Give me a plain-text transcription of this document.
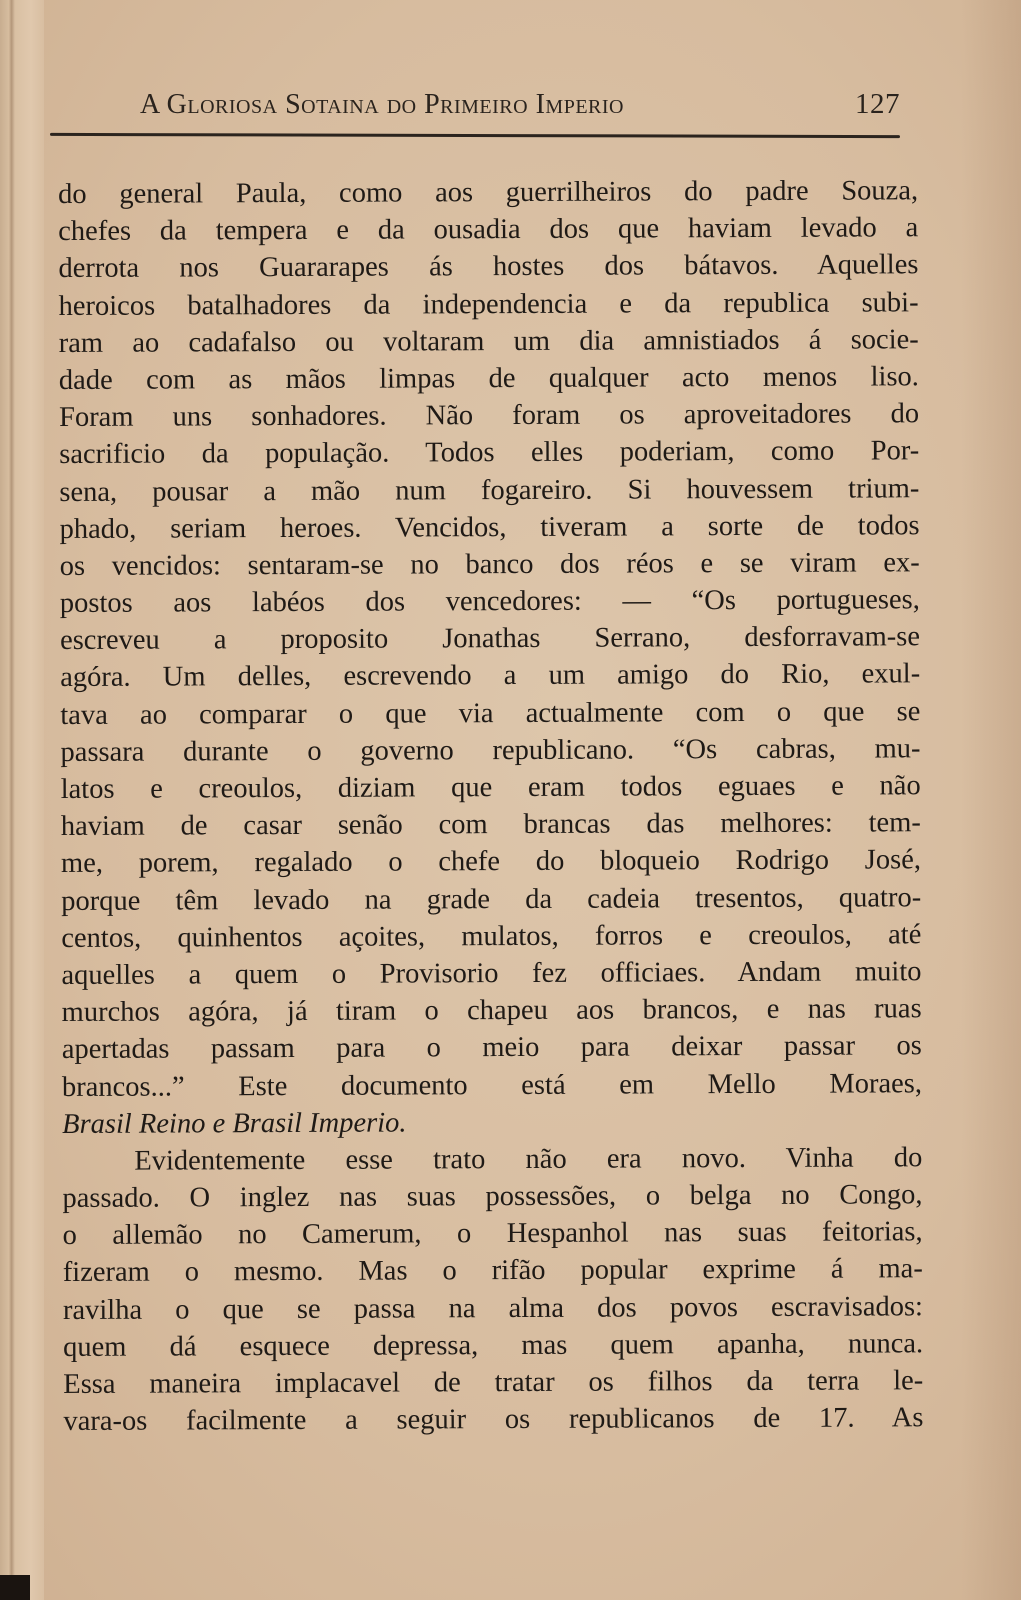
A Gloriosa Sotaina do Primeiro Imperio	127
do general Paula, como aos guerrilheiros do padre Souza,
chefes da tempera e da ousadia dos que haviam levado a
derrota nos Guararapes ás hostes dos bátavos. Aquelles
heroicos batalhadores da independencia e da republica subi-
ram ao cadafalso ou voltaram um dia amnistiados á socie-
dade com as mãos limpas de qualquer acto menos liso.
Foram uns sonhadores. Não foram os aproveitadores do
sacrificio da população. Todos elles poderiam, como Por-
sena, pousar a mão num fogareiro. Si houvessem trium-
phado, seriam heroes. Vencidos, tiveram a sorte de todos
os vencidos: sentaram-se no banco dos réos e se viram ex-
postos aos labéos dos vencedores: — “Os portugueses,
escreveu a proposito Jonathas Serrano, desforravam-se
agóra. Um delles, escrevendo a um amigo do Rio, exul-
tava ao comparar o que via actualmente com o que se
passara durante o governo republicano. “Os cabras, mu-
latos e creoulos, diziam que eram todos eguaes e não
haviam de casar senão com brancas das melhores: tem-
me, porem, regalado o chefe do bloqueio Rodrigo José,
porque têm levado na grade da cadeia tresentos, quatro-
centos, quinhentos açoites, mulatos, forros e creoulos, até
aquelles a quem o Provisorio fez officiaes. Andam muito
murchos agóra, já tiram o chapeu aos brancos, e nas ruas
apertadas passam para o meio para deixar passar os
brancos...” Este documento está em Mello Moraes,
Brasil Reino e Brasil Imperio.
Evidentemente esse trato não era novo. Vinha do
passado. O inglez nas suas possessões, o belga no Congo,
o allemão no Camerum, o Hespanhol nas suas feitorias,
fizeram o mesmo. Mas o rifão popular exprime á ma-
ravilha o que se passa na alma dos povos escravisados:
quem dá esquece depressa, mas quem apanha, nunca.
Essa maneira implacavel de tratar os filhos da terra le-
vara-os facilmente a seguir os republicanos de 17. As
